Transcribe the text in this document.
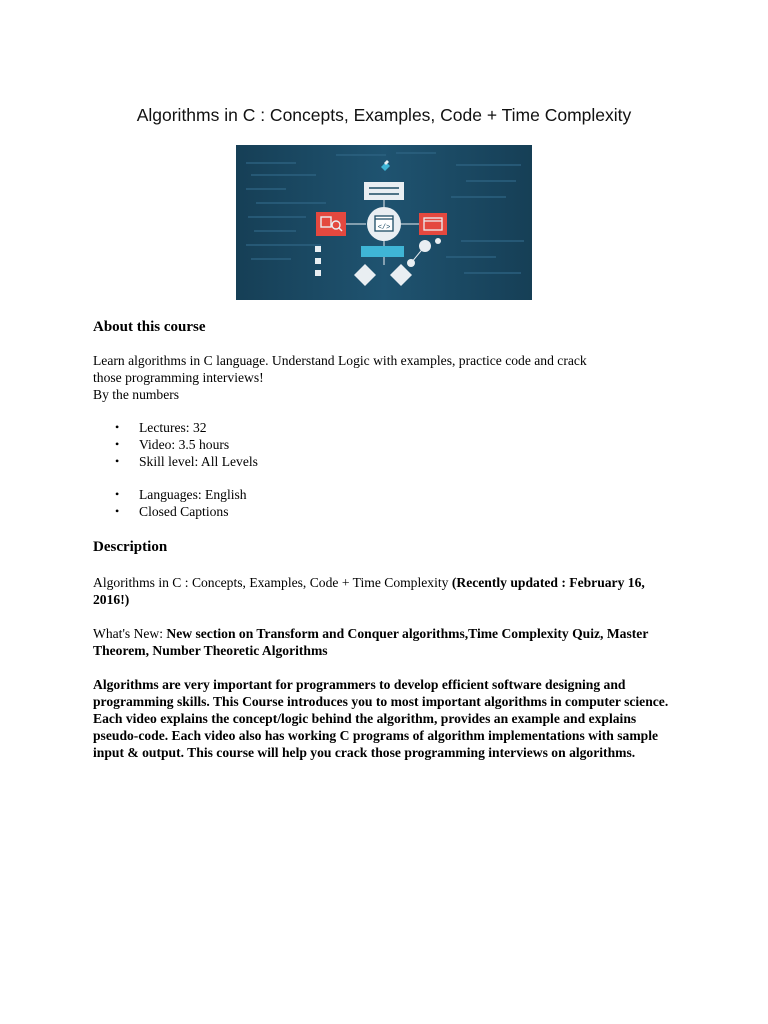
Algorithms in C : Concepts, Examples, Code + Time Complexity
</>
About this course

Learn algorithms in C language. Understand Logic with examples, practice code and crack
those programming interviews!
By the numbers

• Lectures: 32
• Video: 3.5 hours
• Skill level: All Levels
• Languages: English
• Closed Captions
Description

Algorithms in C : Concepts, Examples, Code + Time Complexity (Recently updated : February 16, 2016!)

What's New: New section on Transform and Conquer algorithms,Time Complexity Quiz, Master Theorem, Number Theoretic Algorithms

Algorithms are very important for programmers to develop efficient software designing and programming skills. This Course introduces you to most important algorithms in computer science. Each video explains the concept/logic behind the algorithm, provides an example and explains pseudo-code. Each video also has working C programs of algorithm implementations with sample input & output. This course will help you crack those programming interviews on algorithms.
